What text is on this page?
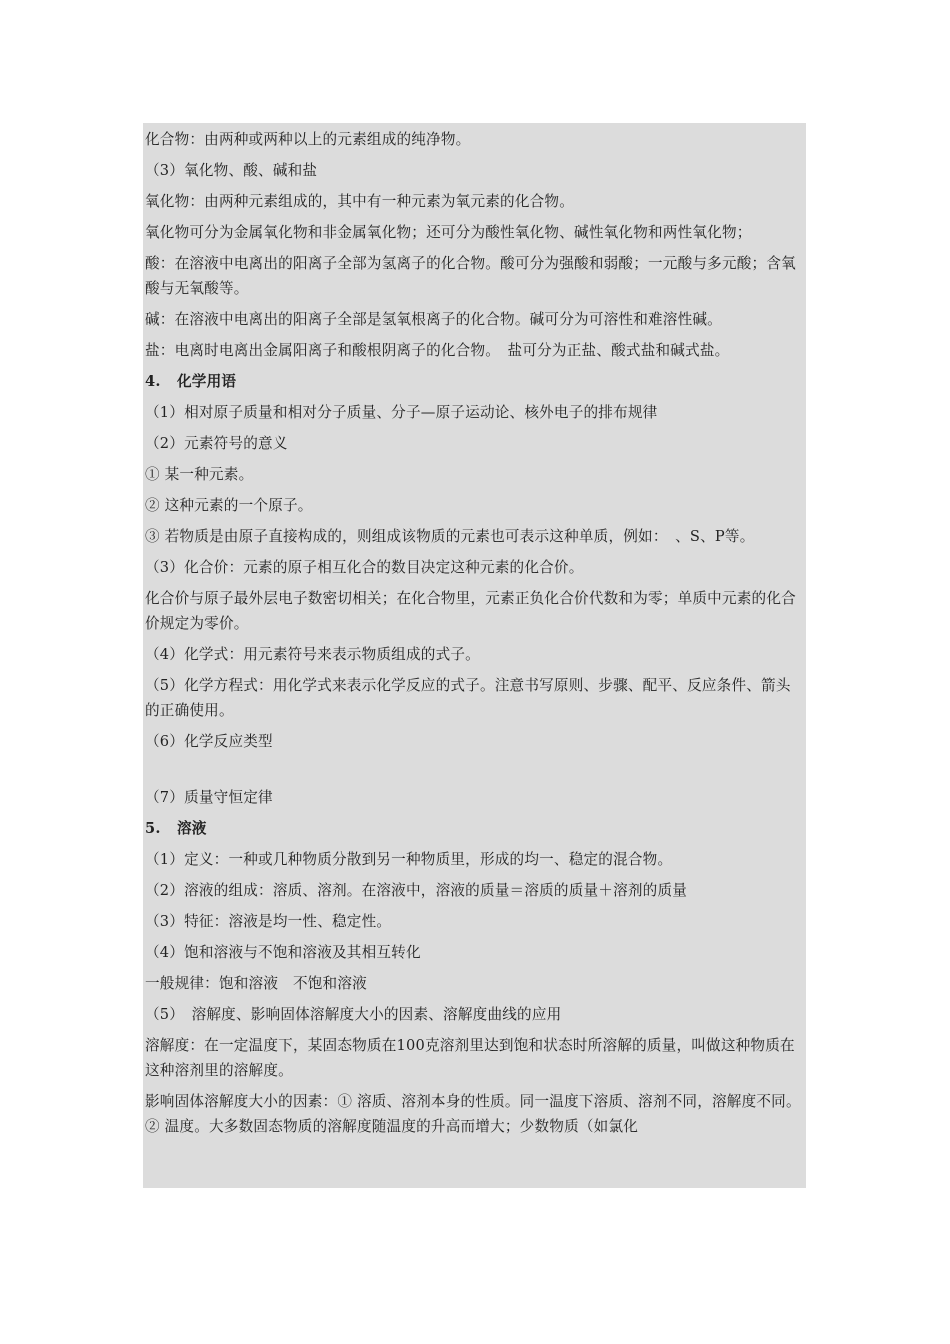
化合物：由两种或两种以上的元素组成的纯净物。

（3）氧化物、酸、碱和盐

氧化物：由两种元素组成的，其中有一种元素为氧元素的化合物。

氧化物可分为金属氧化物和非金属氧化物；还可分为酸性氧化物、碱性氧化物和两性氧化物；

酸：在溶液中电离出的阳离子全部为氢离子的化合物。酸可分为强酸和弱酸；一元酸与多元酸；含氧酸与无氧酸等。

碱：在溶液中电离出的阳离子全部是氢氧根离子的化合物。碱可分为可溶性和难溶性碱。

盐：电离时电离出金属阳离子和酸根阴离子的化合物。　盐可分为正盐、酸式盐和碱式盐。

4. 化学用语

（1）相对原子质量和相对分子质量、分子—原子运动论、核外电子的排布规律

（2）元素符号的意义

① 某一种元素。

② 这种元素的一个原子。

③ 若物质是由原子直接构成的，则组成该物质的元素也可表示这种单质，例如：　、S、P等。

（3）化合价：元素的原子相互化合的数目决定这种元素的化合价。

化合价与原子最外层电子数密切相关；在化合物里，元素正负化合价代数和为零；单质中元素的化合价规定为零价。

（4）化学式：用元素符号来表示物质组成的式子。

（5）化学方程式：用化学式来表示化学反应的式子。注意书写原则、步骤、配平、反应条件、箭头的正确使用。

（6）化学反应类型

（7）质量守恒定律

5. 溶液

（1）定义：一种或几种物质分散到另一种物质里，形成的均一、稳定的混合物。

（2）溶液的组成：溶质、溶剂。在溶液中，溶液的质量＝溶质的质量＋溶剂的质量

（3）特征：溶液是均一性、稳定性。

（4）饱和溶液与不饱和溶液及其相互转化

一般规律：饱和溶液　不饱和溶液

（5）　溶解度、影响固体溶解度大小的因素、溶解度曲线的应用

溶解度：在一定温度下，某固态物质在100克溶剂里达到饱和状态时所溶解的质量，叫做这种物质在这种溶剂里的溶解度。

影响固体溶解度大小的因素：① 溶质、溶剂本身的性质。同一温度下溶质、溶剂不同，溶解度不同。② 温度。大多数固态物质的溶解度随温度的升高而增大；少数物质（如氯化
